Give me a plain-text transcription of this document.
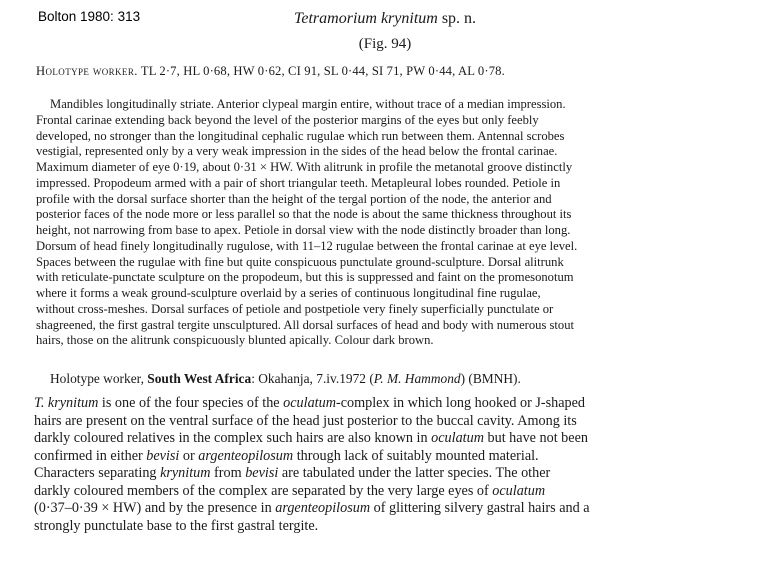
Bolton 1980: 313	Tetramorium krynitum sp. n.
(Fig. 94)
Holotype worker. TL 2·7, HL 0·68, HW 0·62, CI 91, SL 0·44, SI 71, PW 0·44, AL 0·78.
Mandibles longitudinally striate. Anterior clypeal margin entire, without trace of a median impression.
Frontal carinae extending back beyond the level of the posterior margins of the eyes but only feebly
developed, no stronger than the longitudinal cephalic rugulae which run between them. Antennal scrobes
vestigial, represented only by a very weak impression in the sides of the head below the frontal carinae.
Maximum diameter of eye 0·19, about 0·31 × HW. With alitrunk in profile the metanotal groove distinctly
impressed. Propodeum armed with a pair of short triangular teeth. Metapleural lobes rounded. Petiole in
profile with the dorsal surface shorter than the height of the tergal portion of the node, the anterior and
posterior faces of the node more or less parallel so that the node is about the same thickness throughout its
height, not narrowing from base to apex. Petiole in dorsal view with the node distinctly broader than long.
Dorsum of head finely longitudinally rugulose, with 11–12 rugulae between the frontal carinae at eye level.
Spaces between the rugulae with fine but quite conspicuous punctulate ground-sculpture. Dorsal alitrunk
with reticulate-punctate sculpture on the propodeum, but this is suppressed and faint on the promesonotum
where it forms a weak ground-sculpture overlaid by a series of continuous longitudinal fine rugulae,
without cross-meshes. Dorsal surfaces of petiole and postpetiole very finely superficially punctulate or
shagreened, the first gastral tergite unsculptured. All dorsal surfaces of head and body with numerous stout
hairs, those on the alitrunk conspicuously blunted apically. Colour dark brown.
Holotype worker, South West Africa: Okahanja, 7.iv.1972 (P. M. Hammond) (BMNH).
T. krynitum is one of the four species of the oculatum-complex in which long hooked or J-shaped
hairs are present on the ventral surface of the head just posterior to the buccal cavity. Among its
darkly coloured relatives in the complex such hairs are also known in oculatum but have not been
confirmed in either bevisi or argenteopilosum through lack of suitably mounted material.
Characters separating krynitum from bevisi are tabulated under the latter species. The other
darkly coloured members of the complex are separated by the very large eyes of oculatum
(0·37–0·39 × HW) and by the presence in argenteopilosum of glittering silvery gastral hairs and a
strongly punctulate base to the first gastral tergite.
